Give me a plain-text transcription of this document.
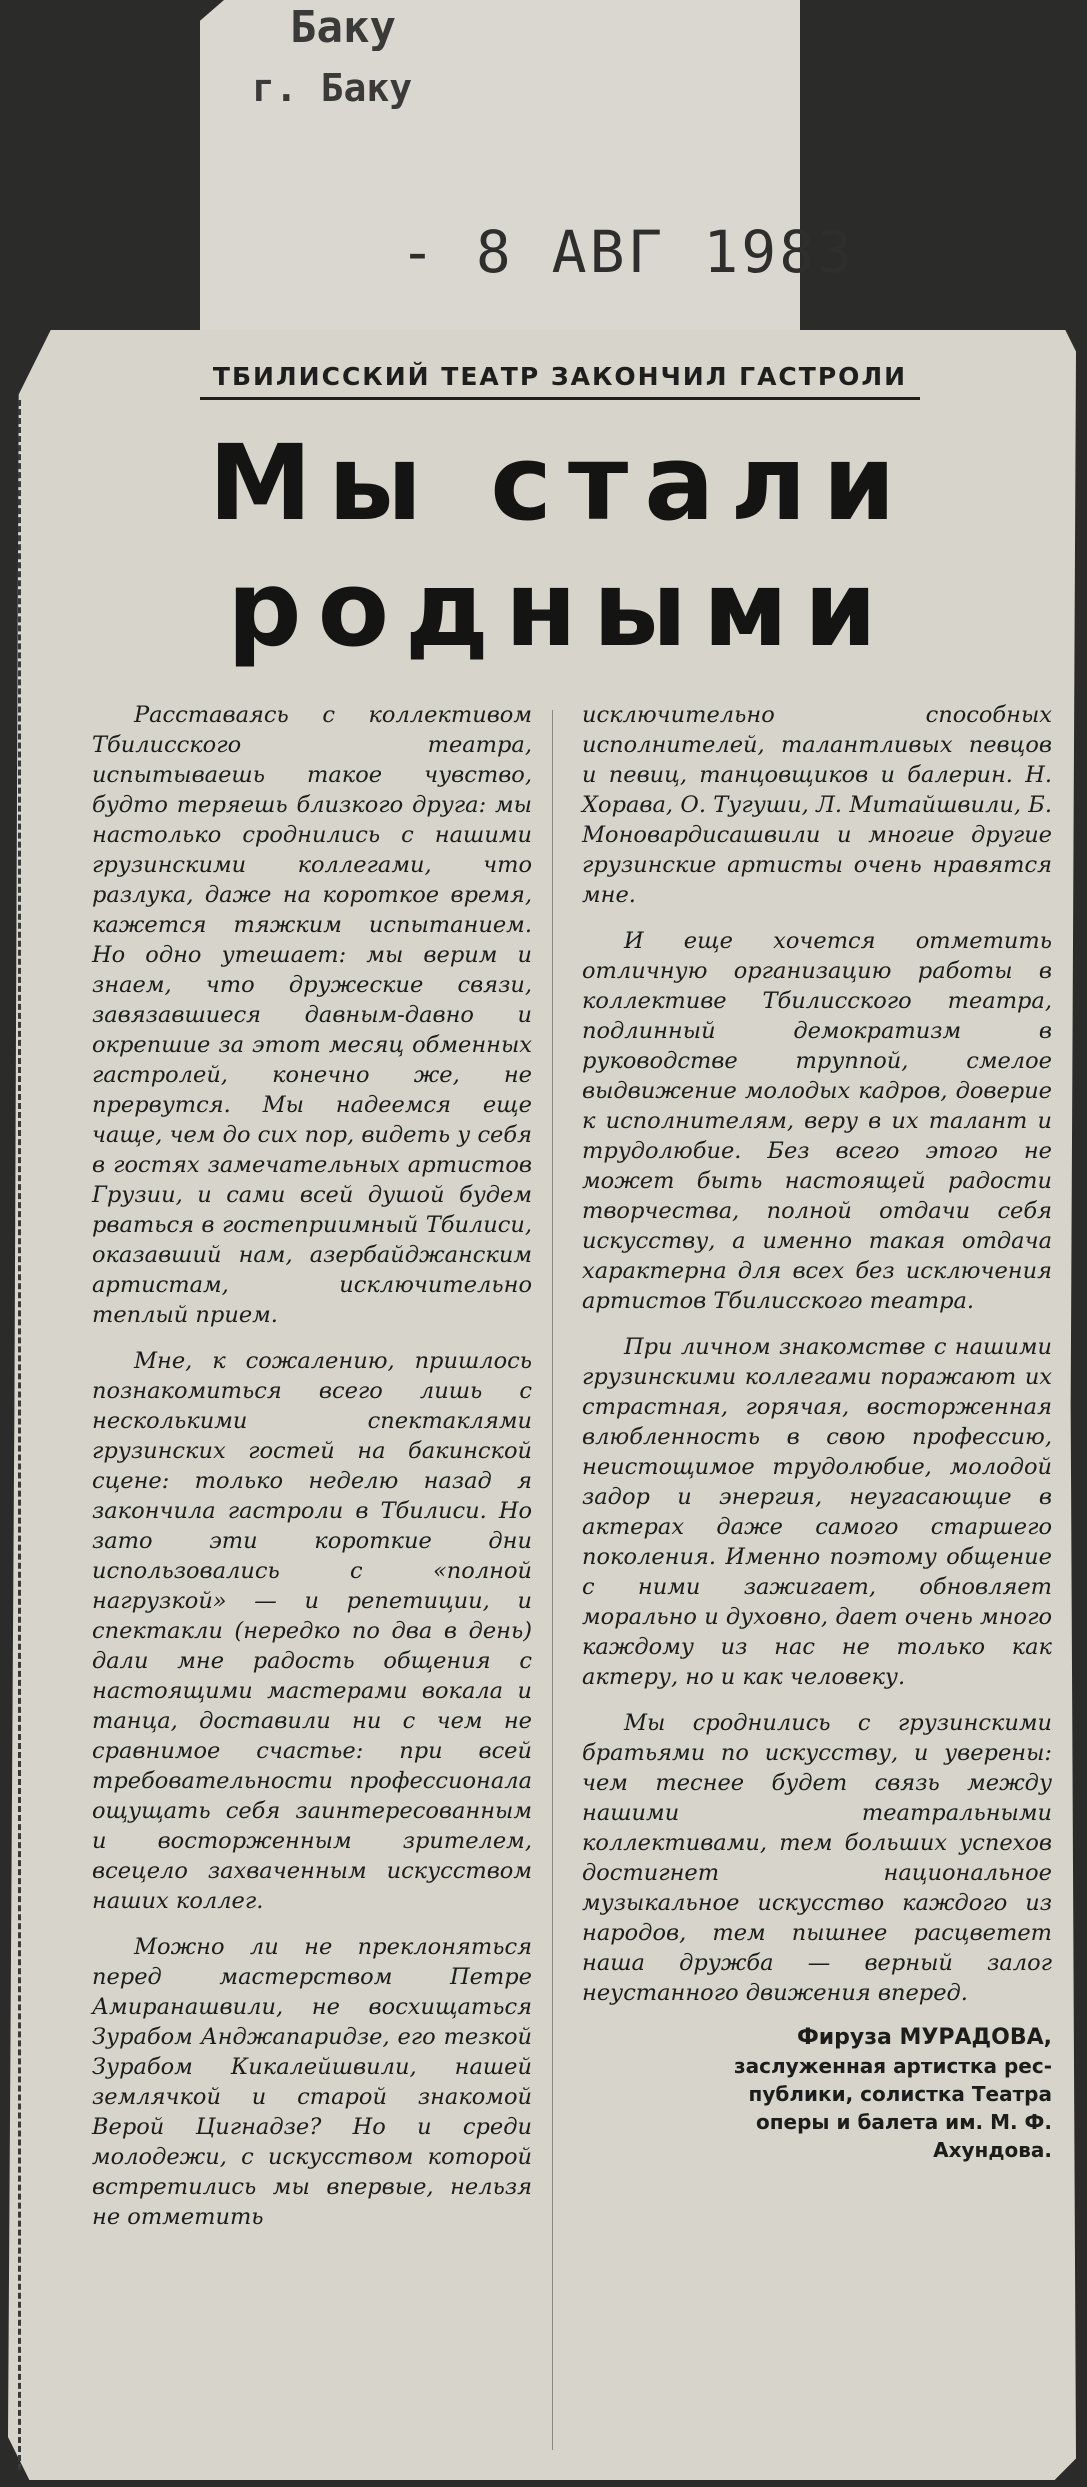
Баку
г. Баку
- 8 АВГ 1983
ТБИЛИССКИЙ ТЕАТР ЗАКОНЧИЛ ГАСТРОЛИ
Мы стали
родными

Расставаясь с коллективом Тбилисского театра, испытываешь такое чувство, будто теряешь близкого друга: мы настолько сроднились с нашими грузинскими коллегами, что разлука, даже на короткое время, кажется тяжким испытанием. Но одно утешает: мы верим и знаем, что дружеские связи, завязавшиеся давным-давно и окрепшие за этот месяц обменных гастролей, конечно же, не прервутся. Мы надеемся еще чаще, чем до сих пор, видеть у себя в гостях замечательных артистов Грузии, и сами всей душой будем рваться в гостеприимный Тбилиси, оказавший нам, азербайджанским артистам, исключительно теплый прием.

Мне, к сожалению, пришлось познакомиться всего лишь с несколькими спектаклями грузинских гостей на бакинской сцене: только неделю назад я закончила гастроли в Тбилиси. Но зато эти короткие дни использовались с «полной нагрузкой» — и репетиции, и спектакли (нередко по два в день) дали мне радость общения с настоящими мастерами вокала и танца, доставили ни с чем не сравнимое счастье: при всей требовательности профессионала ощущать себя заинтересованным и восторженным зрителем, всецело захваченным искусством наших коллег.

Можно ли не преклоняться перед мастерством Петре Амиранашвили, не восхищаться Зурабом Анджапаридзе, его тезкой Зурабом Кикалейшвили, нашей землячкой и старой знакомой Верой Цигнадзе? Но и среди молодежи, с искусством которой встретились мы впервые, нельзя не отметить

исключительно способных исполнителей, талантливых певцов и певиц, танцовщиков и балерин. Н. Хорава, О. Тугуши, Л. Митайшвили, Б. Моновардисашвили и многие другие грузинские артисты очень нравятся мне.

И еще хочется отметить отличную организацию работы в коллективе Тбилисского театра, подлинный демократизм в руководстве труппой, смелое выдвижение молодых кадров, доверие к исполнителям, веру в их талант и трудолюбие. Без всего этого не может быть настоящей радости творчества, полной отдачи себя искусству, а именно такая отдача характерна для всех без исключения артистов Тбилисского театра.

При личном знакомстве с нашими грузинскими коллегами поражают их страстная, горячая, восторженная влюбленность в свою профессию, неистощимое трудолюбие, молодой задор и энергия, неугасающие в актерах даже самого старшего поколения. Именно поэтому общение с ними зажигает, обновляет морально и духовно, дает очень много каждому из нас не только как актеру, но и как человеку.

Мы сроднились с грузинскими братьями по искусству, и уверены: чем теснее будет связь между нашими театральными коллективами, тем больших успехов достигнет национальное музыкальное искусство каждого из народов, тем пышнее расцветет наша дружба — верный залог неустанного движения вперед.

Фируза МУРАДОВА,
заслуженная артистка рес-
публики, солистка Театра
оперы и балета им. М. Ф.
Ахундова.
